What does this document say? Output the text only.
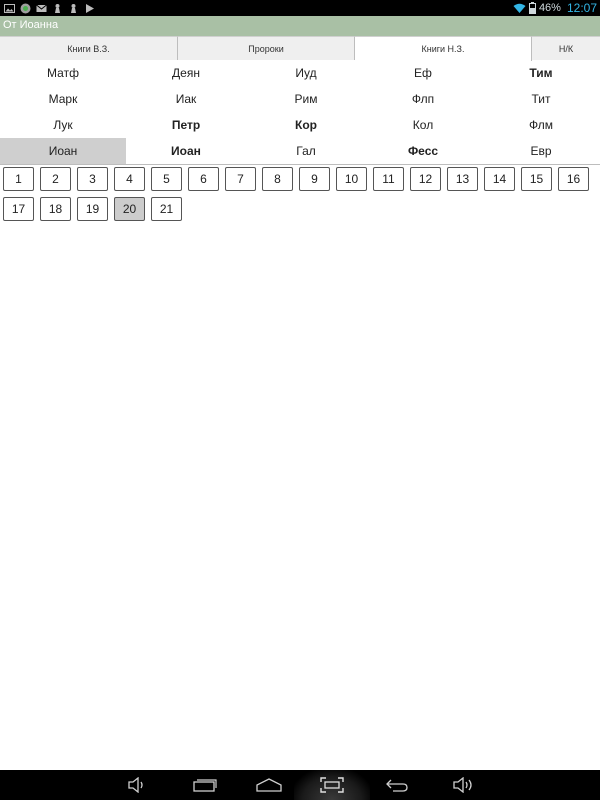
46% 12:07
От Иоанна
Книги В.З.	Пророки	Книги Н.З.	Н/К
Матф	Деян	Иуд	Еф	Тим
Марк	Иак	Рим	Флп	Тит
Лук	Петр	Кор	Кол	Флм
Иоан	Иоан	Гал	Фесс	Евр
1	2	3	4	5	6	7	8	9	10	11	12	13	14	15	16
17	18	19	20	21
